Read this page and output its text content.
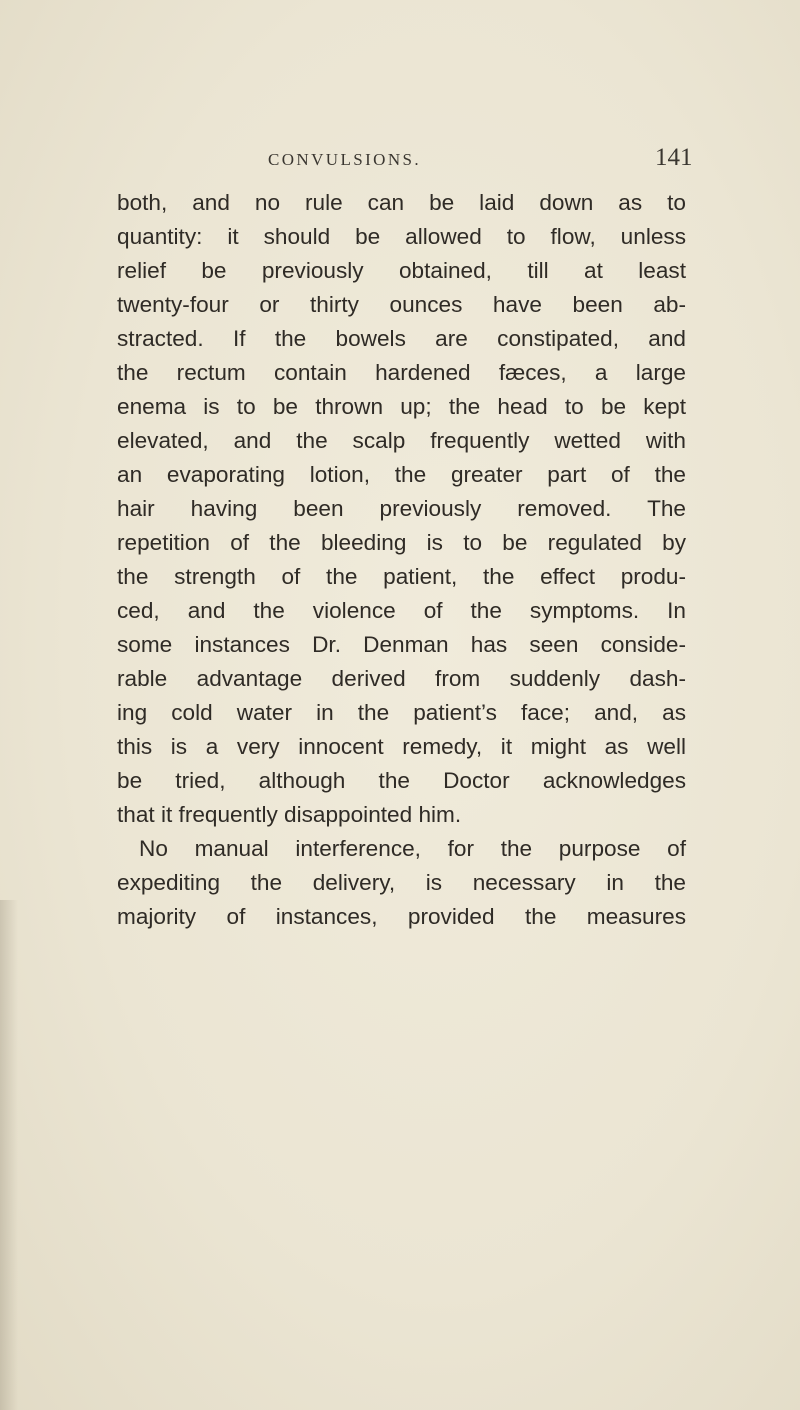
CONVULSIONS.	141
both, and no rule can be laid down as to
quantity: it should be allowed to flow, unless
relief be previously obtained, till at least
twenty-four or thirty ounces have been ab-
stracted. If the bowels are constipated, and
the rectum contain hardened fæces, a large
enema is to be thrown up; the head to be kept
elevated, and the scalp frequently wetted with
an evaporating lotion, the greater part of the
hair having been previously removed. The
repetition of the bleeding is to be regulated by
the strength of the patient, the effect produ-
ced, and the violence of the symptoms. In
some instances Dr. Denman has seen conside-
rable advantage derived from suddenly dash-
ing cold water in the patient’s face; and, as
this is a very innocent remedy, it might as well
be tried, although the Doctor acknowledges
that it frequently disappointed him.
No manual interference, for the purpose of
expediting the delivery, is necessary in the
majority of instances, provided the measures
